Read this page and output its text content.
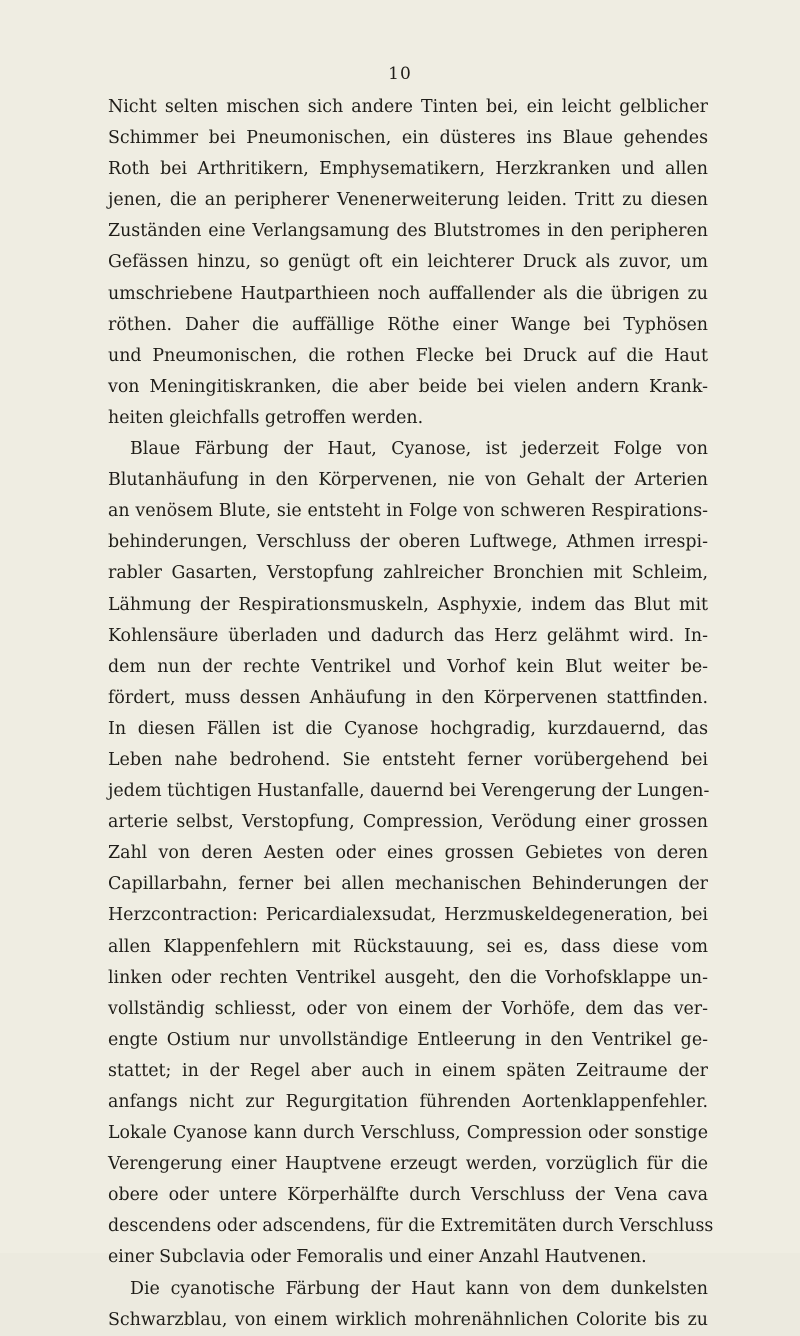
10
Nicht selten mischen sich andere Tinten bei, ein leicht gelblicher
Schimmer bei Pneumonischen, ein düsteres ins Blaue gehendes
Roth bei Arthritikern, Emphysematikern, Herzkranken und allen
jenen, die an peripherer Venenerweiterung leiden. Tritt zu diesen
Zuständen eine Verlangsamung des Blutstromes in den peripheren
Gefässen hinzu, so genügt oft ein leichterer Druck als zuvor, um
umschriebene Hautparthieen noch auffallender als die übrigen zu
röthen. Daher die auffällige Röthe einer Wange bei Typhösen
und Pneumonischen, die rothen Flecke bei Druck auf die Haut
von Meningitiskranken, die aber beide bei vielen andern Krank-
heiten gleichfalls getroffen werden.
Blaue Färbung der Haut, Cyanose, ist jederzeit Folge von
Blutanhäufung in den Körpervenen, nie von Gehalt der Arterien
an venösem Blute, sie entsteht in Folge von schweren Respirations-
behinderungen, Verschluss der oberen Luftwege, Athmen irrespi-
rabler Gasarten, Verstopfung zahlreicher Bronchien mit Schleim,
Lähmung der Respirationsmuskeln, Asphyxie, indem das Blut mit
Kohlensäure überladen und dadurch das Herz gelähmt wird. In-
dem nun der rechte Ventrikel und Vorhof kein Blut weiter be-
fördert, muss dessen Anhäufung in den Körpervenen stattfinden.
In diesen Fällen ist die Cyanose hochgradig, kurzdauernd, das
Leben nahe bedrohend. Sie entsteht ferner vorübergehend bei
jedem tüchtigen Hustanfalle, dauernd bei Verengerung der Lungen-
arterie selbst, Verstopfung, Compression, Verödung einer grossen
Zahl von deren Aesten oder eines grossen Gebietes von deren
Capillarbahn, ferner bei allen mechanischen Behinderungen der
Herzcontraction: Pericardialexsudat, Herzmuskeldegeneration, bei
allen Klappenfehlern mit Rückstauung, sei es, dass diese vom
linken oder rechten Ventrikel ausgeht, den die Vorhofsklappe un-
vollständig schliesst, oder von einem der Vorhöfe, dem das ver-
engte Ostium nur unvollständige Entleerung in den Ventrikel ge-
stattet; in der Regel aber auch in einem späten Zeitraume der
anfangs nicht zur Regurgitation führenden Aortenklappenfehler.
Lokale Cyanose kann durch Verschluss, Compression oder sonstige
Verengerung einer Hauptvene erzeugt werden, vorzüglich für die
obere oder untere Körperhälfte durch Verschluss der Vena cava
descendens oder adscendens, für die Extremitäten durch Verschluss
einer Subclavia oder Femoralis und einer Anzahl Hautvenen.
Die cyanotische Färbung der Haut kann von dem dunkelsten
Schwarzblau, von einem wirklich mohrenähnlichen Colorite bis zu
